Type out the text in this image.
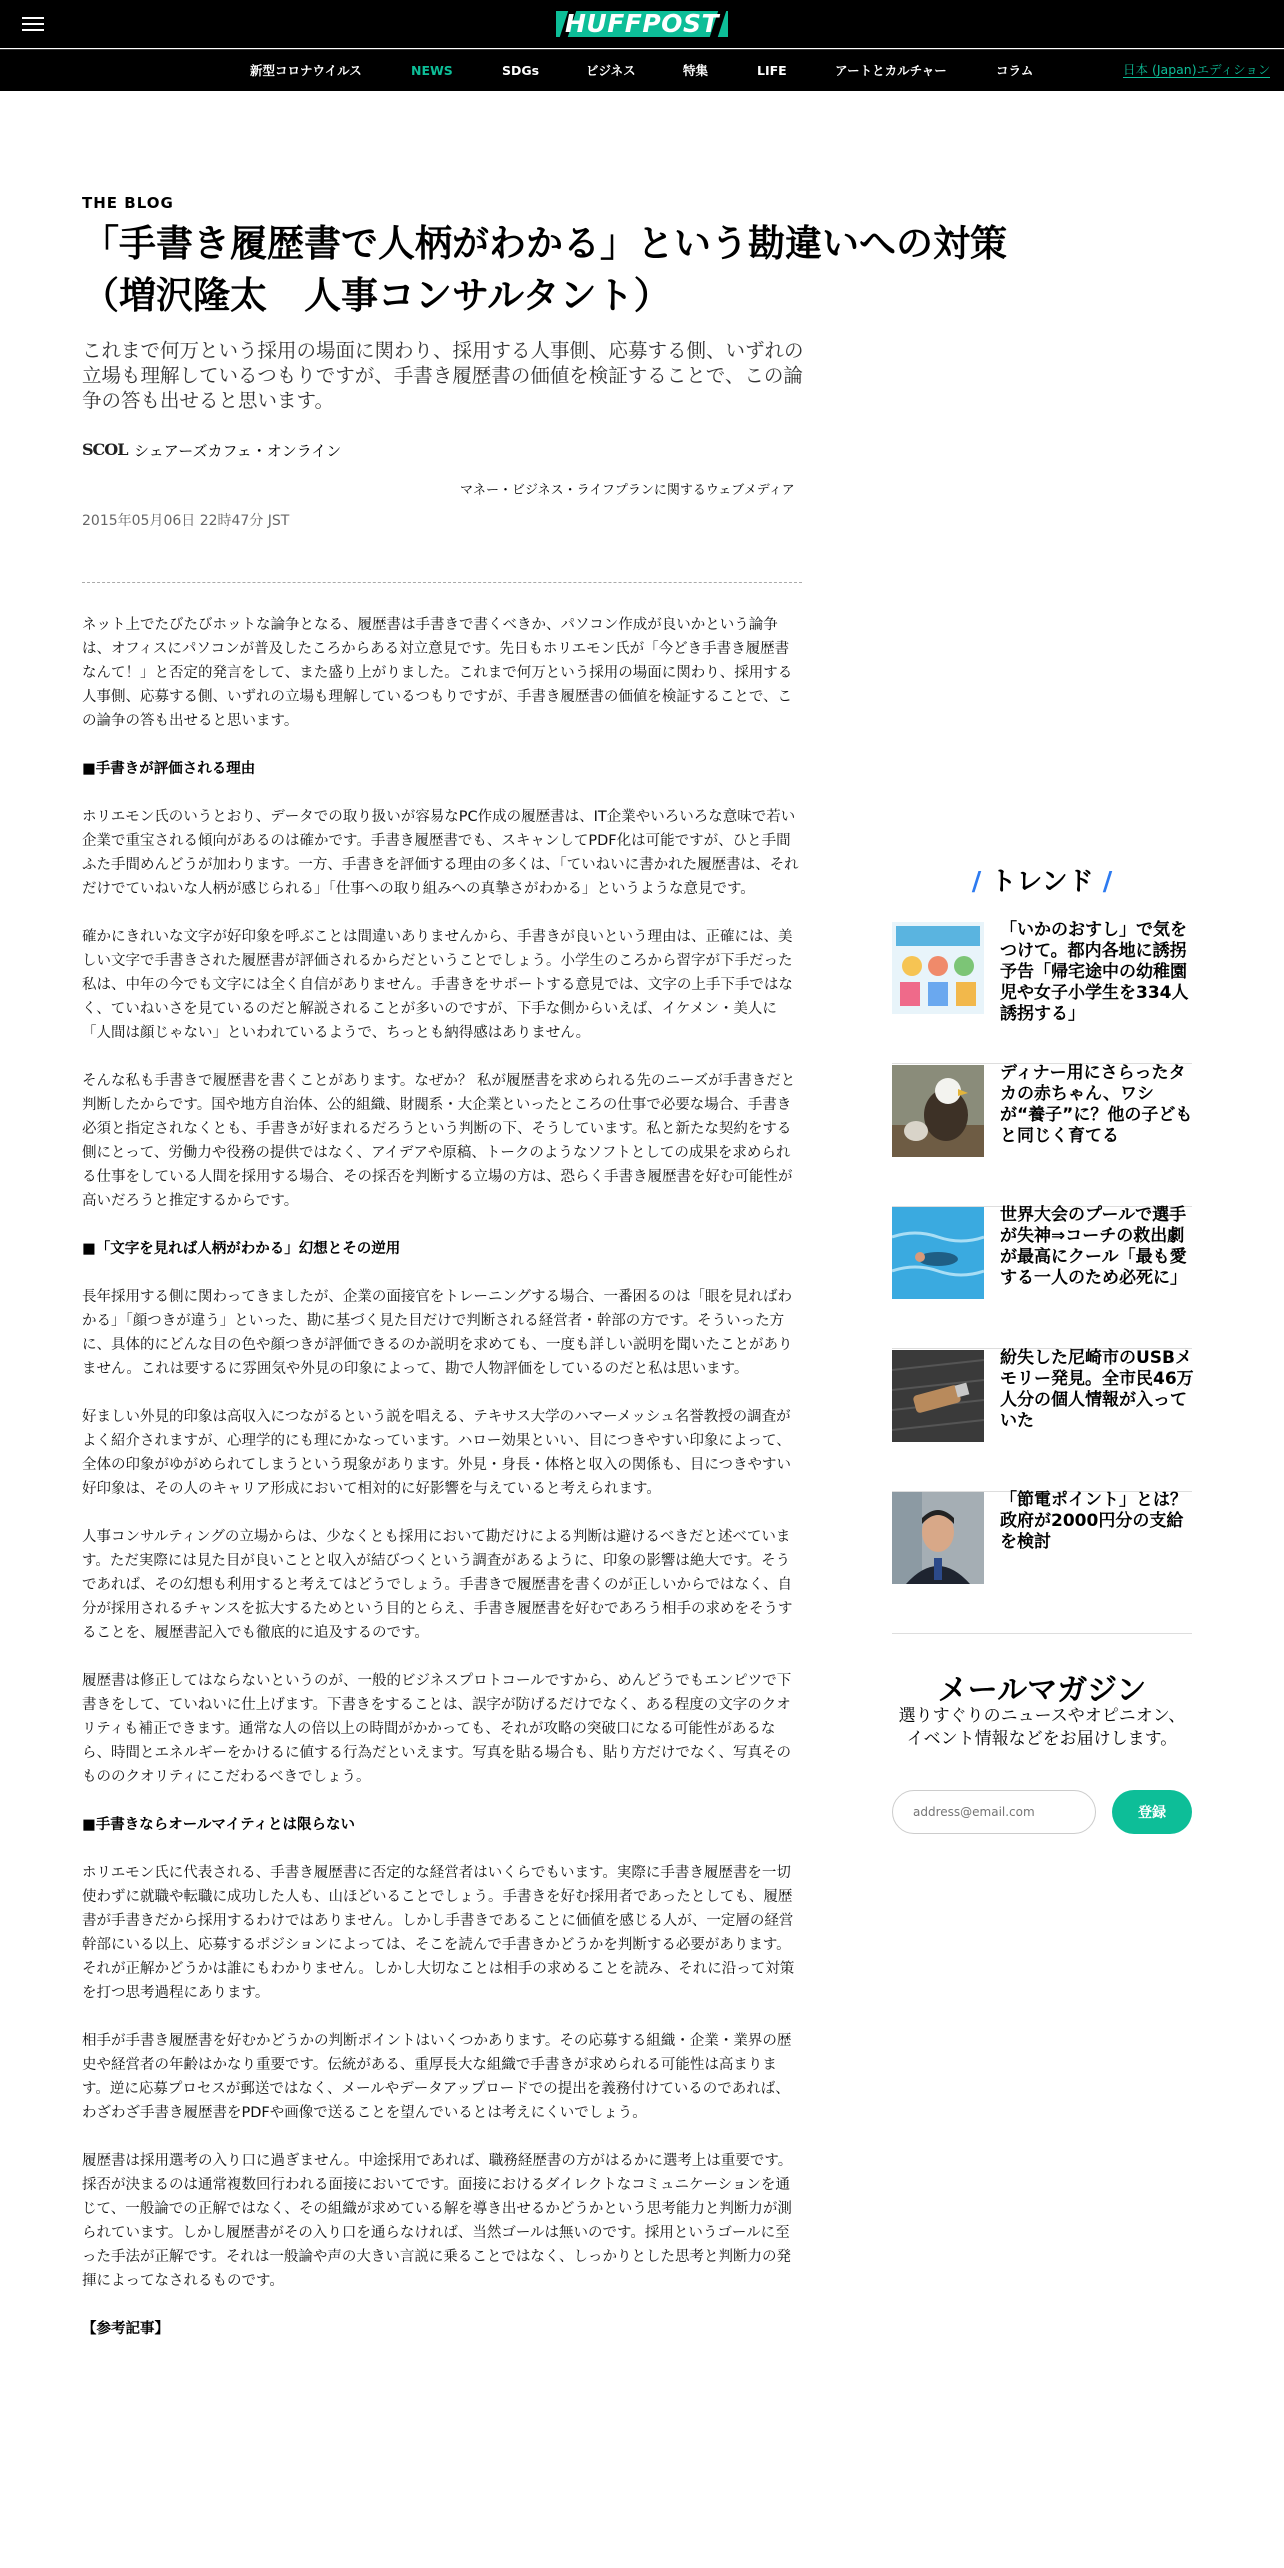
HUFFPOST
新型コロナウイルス	NEWS	SDGs	ビジネス	特集	LIFE	アートとカルチャー	コラム	日本 (Japan)エディション
THE BLOG
「手書き履歴書で人柄がわかる」という勘違いへの対策
（増沢隆太　人事コンサルタント）
これまで何万という採用の場面に関わり、採用する人事側、応募する側、いずれの立場も理解しているつもりですが、手書き履歴書の価値を検証することで、この論争の答も出せると思います。
SCOL シェアーズカフェ・オンライン
マネー・ビジネス・ライフプランに関するウェブメディア
2015年05月06日 22時47分 JST

ネット上でたびたびホットな論争となる、履歴書は手書きで書くべきか、パソコン作成が良いかという論争は、オフィスにパソコンが普及したころからある対立意見です。先日もホリエモン氏が「今どき手書き履歴書なんて！」と否定的発言をして、また盛り上がりました。これまで何万という採用の場面に関わり、採用する人事側、応募する側、いずれの立場も理解しているつもりですが、手書き履歴書の価値を検証することで、この論争の答も出せると思います。

■手書きが評価される理由

ホリエモン氏のいうとおり、データでの取り扱いが容易なPC作成の履歴書は、IT企業やいろいろな意味で若い企業で重宝される傾向があるのは確かです。手書き履歴書でも、スキャンしてPDF化は可能ですが、ひと手間ふた手間めんどうが加わります。一方、手書きを評価する理由の多くは、「ていねいに書かれた履歴書は、それだけでていねいな人柄が感じられる」「仕事への取り組みへの真摯さがわかる」というような意見です。

確かにきれいな文字が好印象を呼ぶことは間違いありませんから、手書きが良いという理由は、正確には、美しい文字で手書きされた履歴書が評価されるからだということでしょう。小学生のころから習字が下手だった私は、中年の今でも文字には全く自信がありません。手書きをサポートする意見では、文字の上手下手ではなく、ていねいさを見ているのだと解説されることが多いのですが、下手な側からいえば、イケメン・美人に「人間は顔じゃない」といわれているようで、ちっとも納得感はありません。

そんな私も手書きで履歴書を書くことがあります。なぜか？ 私が履歴書を求められる先のニーズが手書きだと判断したからです。国や地方自治体、公的組織、財閥系・大企業といったところの仕事で必要な場合、手書き必須と指定されなくとも、手書きが好まれるだろうという判断の下、そうしています。私と新たな契約をする側にとって、労働力や役務の提供ではなく、アイデアや原稿、トークのようなソフトとしての成果を求められる仕事をしている人間を採用する場合、その採否を判断する立場の方は、恐らく手書き履歴書を好む可能性が高いだろうと推定するからです。

■「文字を見れば人柄がわかる」幻想とその逆用

長年採用する側に関わってきましたが、企業の面接官をトレーニングする場合、一番困るのは「眼を見ればわかる」「顔つきが違う」といった、勘に基づく見た目だけで判断される経営者・幹部の方です。そういった方に、具体的にどんな目の色や顔つきが評価できるのか説明を求めても、一度も詳しい説明を聞いたことがありません。これは要するに雰囲気や外見の印象によって、勘で人物評価をしているのだと私は思います。

好ましい外見的印象は高収入につながるという説を唱える、テキサス大学のハマーメッシュ名誉教授の調査がよく紹介されますが、心理学的にも理にかなっています。ハロー効果といい、目につきやすい印象によって、全体の印象がゆがめられてしまうという現象があります。外見・身長・体格と収入の関係も、目につきやすい好印象は、その人のキャリア形成において相対的に好影響を与えていると考えられます。

人事コンサルティングの立場からは、少なくとも採用において勘だけによる判断は避けるべきだと述べています。ただ実際には見た目が良いことと収入が結びつくという調査があるように、印象の影響は絶大です。そうであれば、その幻想も利用すると考えてはどうでしょう。手書きで履歴書を書くのが正しいからではなく、自分が採用されるチャンスを拡大するためという目的とらえ、手書き履歴書を好むであろう相手の求めをそうすることを、履歴書記入でも徹底的に追及するのです。

履歴書は修正してはならないというのが、一般的ビジネスプロトコールですから、めんどうでもエンピツで下書きをして、ていねいに仕上げます。下書きをすることは、誤字が防げるだけでなく、ある程度の文字のクオリティも補正できます。通常な人の倍以上の時間がかかっても、それが攻略の突破口になる可能性があるなら、時間とエネルギーをかけるに値する行為だといえます。写真を貼る場合も、貼り方だけでなく、写真そのもののクオリティにこだわるべきでしょう。

■手書きならオールマイティとは限らない

ホリエモン氏に代表される、手書き履歴書に否定的な経営者はいくらでもいます。実際に手書き履歴書を一切使わずに就職や転職に成功した人も、山ほどいることでしょう。手書きを好む採用者であったとしても、履歴書が手書きだから採用するわけではありません。しかし手書きであることに価値を感じる人が、一定層の経営幹部にいる以上、応募するポジションによっては、そこを読んで手書きかどうかを判断する必要があります。それが正解かどうかは誰にもわかりません。しかし大切なことは相手の求めることを読み、それに沿って対策を打つ思考過程にあります。

相手が手書き履歴書を好むかどうかの判断ポイントはいくつかあります。その応募する組織・企業・業界の歴史や経営者の年齢はかなり重要です。伝統がある、重厚長大な組織で手書きが求められる可能性は高まります。逆に応募プロセスが郵送ではなく、メールやデータアップロードでの提出を義務付けているのであれば、わざわざ手書き履歴書をPDFや画像で送ることを望んでいるとは考えにくいでしょう。

履歴書は採用選考の入り口に過ぎません。中途採用であれば、職務経歴書の方がはるかに選考上は重要です。採否が決まるのは通常複数回行われる面接においてです。面接におけるダイレクトなコミュニケーションを通じて、一般論での正解ではなく、その組織が求めている解を導き出せるかどうかという思考能力と判断力が測られています。しかし履歴書がその入り口を通らなければ、当然ゴールは無いのです。採用というゴールに至った手法が正解です。それは一般論や声の大きい言説に乗ることではなく、しっかりとした思考と判断力の発揮によってなされるものです。

【参考記事】
/ トレンド /
「いかのおすし」で気をつけて。都内各地に誘拐予告「帰宅途中の幼稚園児や女子小学生を334人誘拐する」
ディナー用にさらったタカの赤ちゃん、ワシが“養子”に？他の子どもと同じく育てる
世界大会のプールで選手が失神⇒コーチの救出劇が最高にクール「最も愛する一人のため必死に」
紛失した尼崎市のUSBメモリー発見。全市民46万人分の個人情報が入っていた
「節電ポイント」とは？政府が2000円分の支給を検討
メールマガジン
選りすぐりのニュースやオピニオン、イベント情報などをお届けします。
address@email.com
登録
